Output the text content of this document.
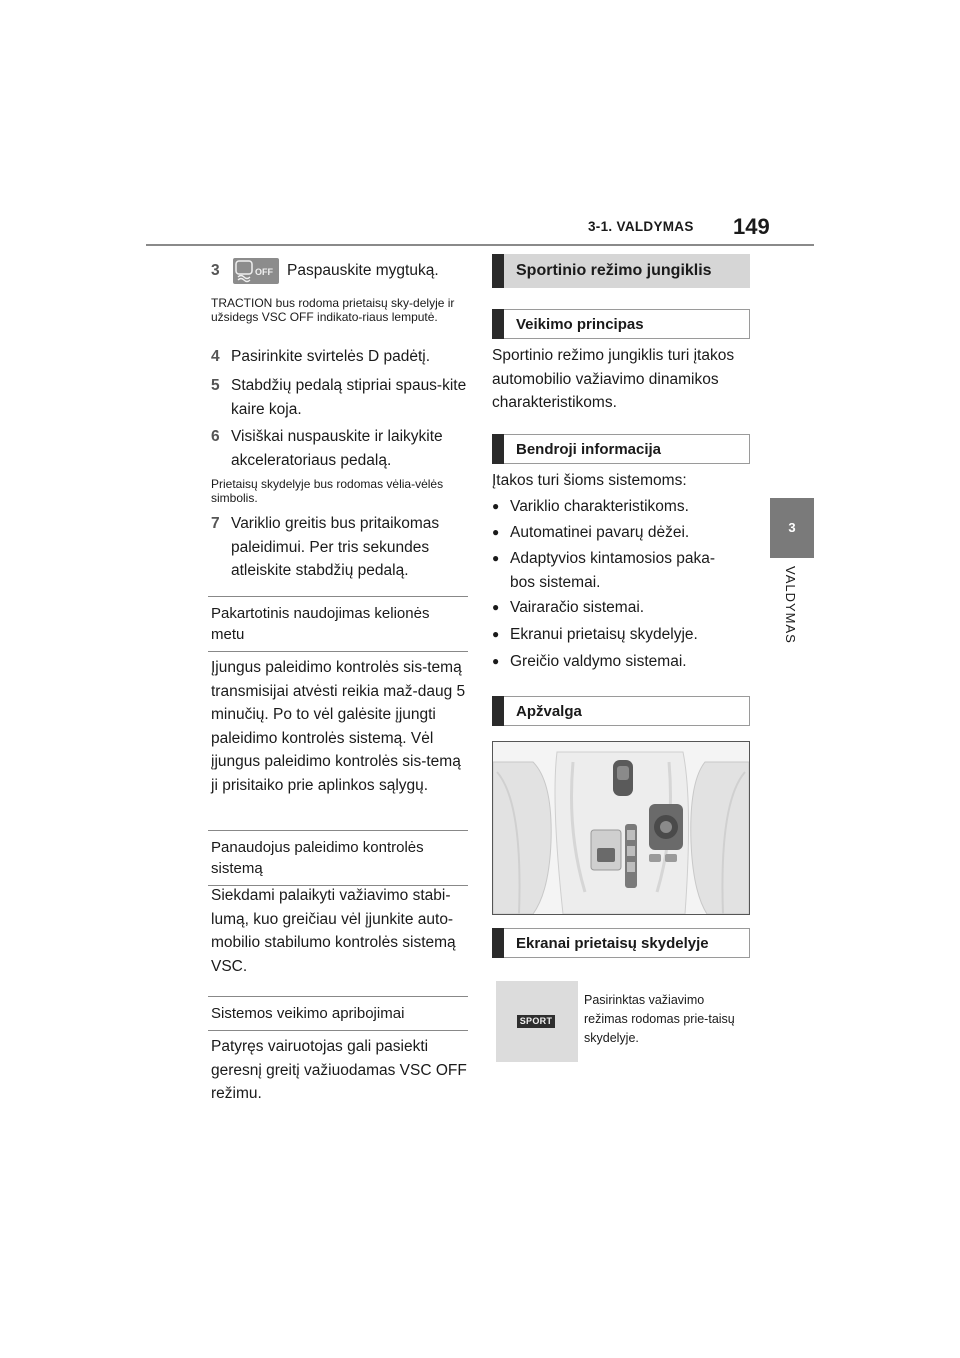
3-1. VALDYMAS 149
3
VALDYMAS
3	OFF Paspauskite mygtuką.
TRACTION bus rodoma prietaisų sky-delyje ir užsidegs VSC OFF indikato-riaus lemputė.
4 Pasirinkite svirtelės D padėtį.
5 Stabdžių pedalą stipriai spaus-kite kaire koja.
6 Visiškai nuspauskite ir laikykite akceleratoriaus pedalą.
Prietaisų skydelyje bus rodomas vėlia-vėlės simbolis.
7 Variklio greitis bus pritaikomas paleidimui. Per tris sekundes atleiskite stabdžių pedalą.
Pakartotinis naudojimas kelionės metu
Įjungus paleidimo kontrolės sis-temą transmisijai atvėsti reikia maž-daug 5 minučių. Po to vėl galėsite įjungti paleidimo kontrolės sistemą. Vėl įjungus paleidimo kontrolės sis-temą ji prisitaiko prie aplinkos sąlygų.
Panaudojus paleidimo kontrolės sistemą
Siekdami palaikyti važiavimo stabi-lumą, kuo greičiau vėl įjunkite auto-mobilio stabilumo kontrolės sistemą VSC.
Sistemos veikimo apribojimai
Patyręs vairuotojas gali pasiekti geresnį greitį važiuodamas VSC OFF režimu.
Sportinio režimo jungiklis
Veikimo principas
Sportinio režimo jungiklis turi įtakos automobilio važiavimo dinamikos charakteristikoms.
Bendroji informacija
Įtakos turi šioms sistemoms:
● Variklio charakteristikoms.
● Automatinei pavarų dėžei.
● Adaptyvios kintamosios paka-bos sistemai.
● Vairaračio sistemai.
● Ekranui prietaisų skydelyje.
● Greičio valdymo sistemai.
Apžvalga
Ekranai prietaisų skydelyje
SPORT
Pasirinktas važiavimo režimas rodomas prie-taisų skydelyje.
